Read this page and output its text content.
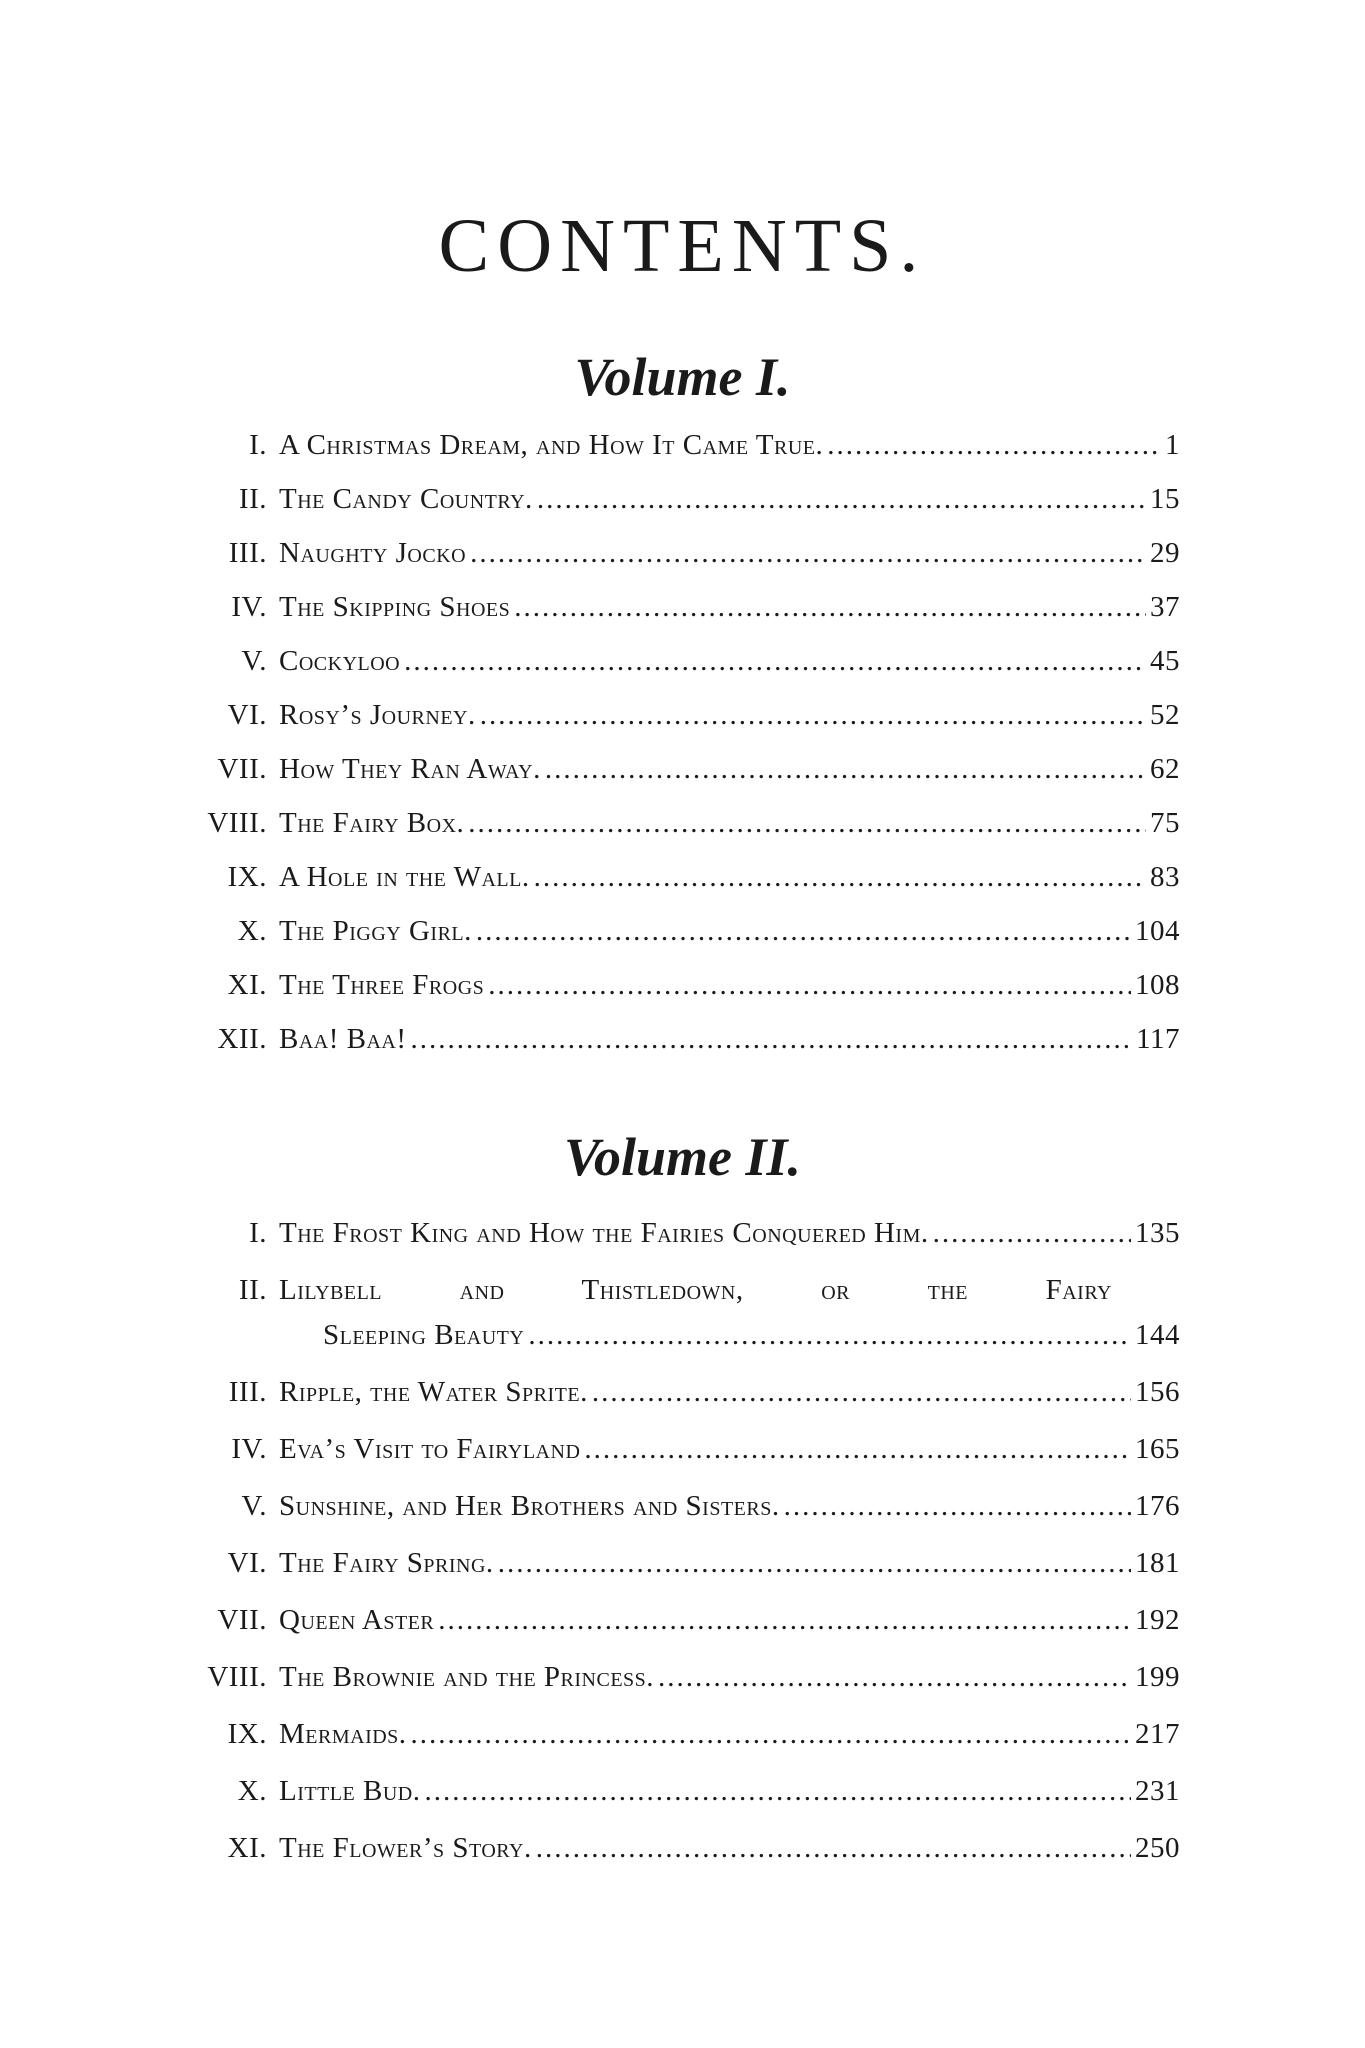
CONTENTS.
Volume I.
I. A Christmas Dream, and How It Came True. .....	1
II. The Candy Country. .....	15
III. Naughty Jocko .....	29
IV. The Skipping Shoes .....	37
V. Cockyloo .....	45
VI. Rosy’s Journey. .....	52
VII. How They Ran Away. .....	62
VIII. The Fairy Box. .....	75
IX. A Hole in the Wall. .....	83
X. The Piggy Girl. .....	104
XI. The Three Frogs .....	108
XII. Baa! Baa! .....	117
Volume II.
I. The Frost King and How the Fairies Conquered Him. .....	135
II. Lilybell and Thistledown, or the Fairy
Sleeping Beauty .....	144
III. Ripple, the Water Sprite. .....	156
IV. Eva’s Visit to Fairyland .....	165
V. Sunshine, and Her Brothers and Sisters. .....	176
VI. The Fairy Spring. .....	181
VII. Queen Aster .....	192
VIII. The Brownie and the Princess. .....	199
IX. Mermaids. .....	217
X. Little Bud. .....	231
XI. The Flower’s Story. .....	250
